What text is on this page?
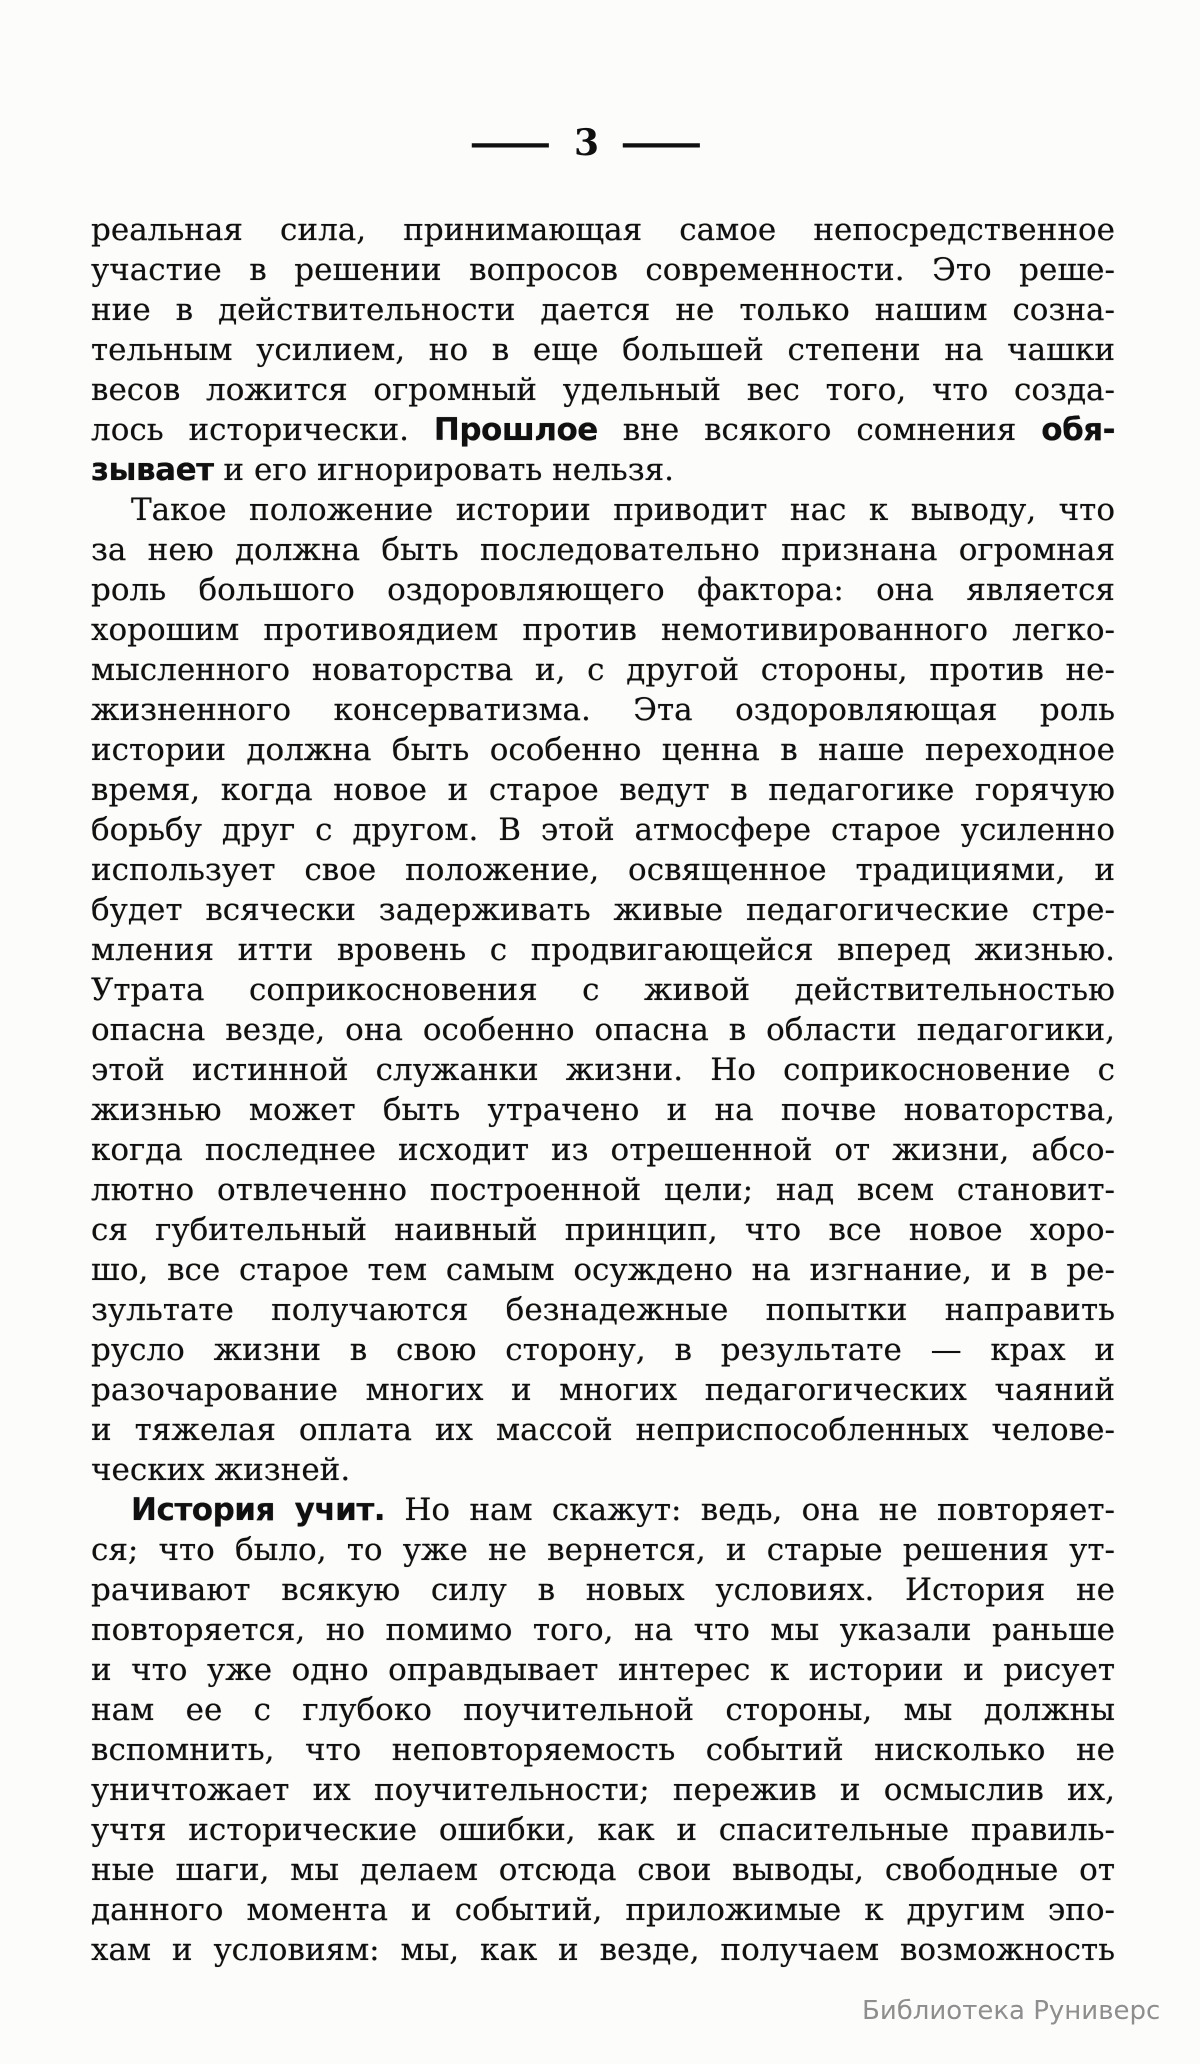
— 3 —
реальная сила, принимающая самое непосредственное
участие в решении вопросов современности. Это реше-
ние в действительности дается не только нашим созна-
тельным усилием, но в еще большей степени на чашки
весов ложится огромный удельный вес того, что созда-
лось исторически. Прошлое вне всякого сомнения обя-
зывает и его игнорировать нельзя.
Такое положение истории приводит нас к выводу, что
за нею должна быть последовательно признана огромная
роль большого оздоровляющего фактора: она является
хорошим противоядием против немотивированного легко-
мысленного новаторства и, с другой стороны, против не-
жизненного консерватизма. Эта оздоровляющая роль
истории должна быть особенно ценна в наше переходное
время, когда новое и старое ведут в педагогике горячую
борьбу друг с другом. В этой атмосфере старое усиленно
использует свое положение, освященное традициями, и
будет всячески задерживать живые педагогические стре-
мления итти вровень с продвигающейся вперед жизнью.
Утрата соприкосновения с живой действительностью
опасна везде, она особенно опасна в области педагогики,
этой истинной служанки жизни. Но соприкосновение с
жизнью может быть утрачено и на почве новаторства,
когда последнее исходит из отрешенной от жизни, абсо-
лютно отвлеченно построенной цели; над всем становит-
ся губительный наивный принцип, что все новое хоро-
шо, все старое тем самым осуждено на изгнание, и в ре-
зультате получаются безнадежные попытки направить
русло жизни в свою сторону, в результате — крах и
разочарование многих и многих педагогических чаяний
и тяжелая оплата их массой неприспособленных челове-
ческих жизней.
История учит. Но нам скажут: ведь, она не повторяет-
ся; что было, то уже не вернется, и старые решения ут-
рачивают всякую силу в новых условиях. История не
повторяется, но помимо того, на что мы указали раньше
и что уже одно оправдывает интерес к истории и рисует
нам ее с глубоко поучительной стороны, мы должны
вспомнить, что неповторяемость событий нисколько не
уничтожает их поучительности; пережив и осмыслив их,
учтя исторические ошибки, как и спасительные правиль-
ные шаги, мы делаем отсюда свои выводы, свободные от
данного момента и событий, приложимые к другим эпо-
хам и условиям: мы, как и везде, получаем возможность
Библиотека Руниверс
